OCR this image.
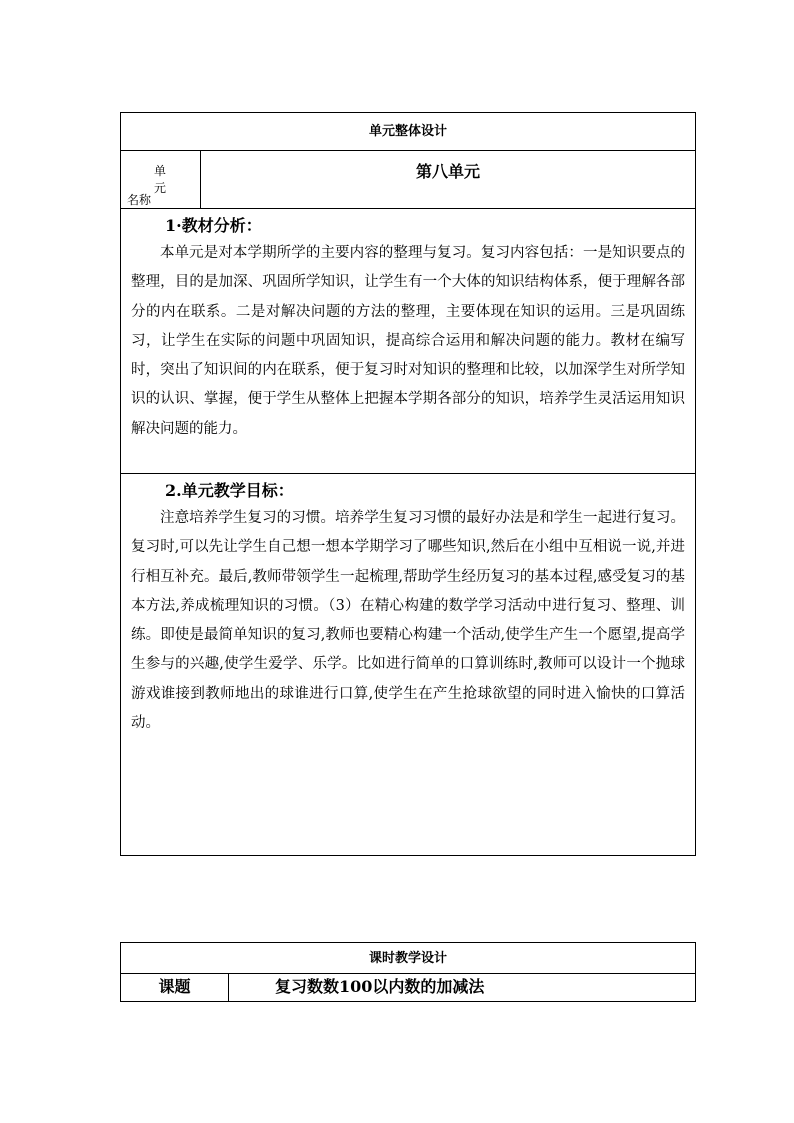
单元整体设计
单元
名称
第八单元
1·教材分析：

本单元是对本学期所学的主要内容的整理与复习。复习内容包括：一是知识要点的整理，目的是加深、巩固所学知识，让学生有一个大体的知识结构体系，便于理解各部分的内在联系。二是对解决问题的方法的整理，主要体现在知识的运用。三是巩固练习，让学生在实际的问题中巩固知识，提高综合运用和解决问题的能力。教材在编写时，突出了知识间的内在联系，便于复习时对知识的整理和比较，以加深学生对所学知识的认识、掌握，便于学生从整体上把握本学期各部分的知识，培养学生灵活运用知识解决问题的能力。

2.单元教学目标：

注意培养学生复习的习惯。培养学生复习习惯的最好办法是和学生一起进行复习。复习时,可以先让学生自己想一想本学期学习了哪些知识,然后在小组中互相说一说,并进行相互补充。最后,教师带领学生一起梳理,帮助学生经历复习的基本过程,感受复习的基本方法,养成梳理知识的习惯。（3）在精心构建的数学学习活动中进行复习、整理、训练。即使是最简单知识的复习,教师也要精心构建一个活动,使学生产生一个愿望,提高学生参与的兴趣,使学生爱学、乐学。比如进行简单的口算训练时,教师可以设计一个抛球游戏谁接到教师地出的球谁进行口算,使学生在产生抢球欲望的同时进入愉快的口算活动。

课时教学设计
课题	复习数数100以内数的加减法
